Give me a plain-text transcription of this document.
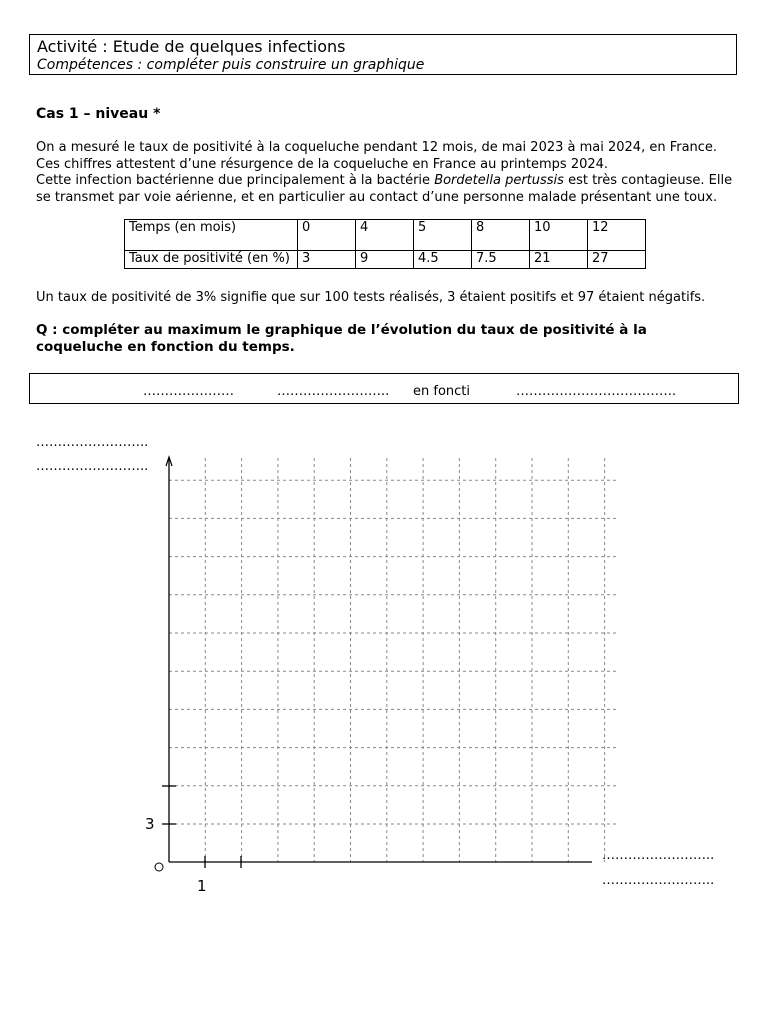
Activité : Etude de quelques infections
Compétences : compléter puis construire un graphique
Cas 1 – niveau *

On a mesuré le taux de positivité à la coqueluche pendant 12 mois, de mai 2023 à mai 2024, en France. Ces chiffres attestent d’une résurgence de la coqueluche en France au printemps 2024.

Cette infection bactérienne due principalement à la bactérie Bordetella pertussis est très contagieuse. Elle se transmet par voie aérienne, et en particulier au contact d’une personne malade présentant une toux.

Temps (en mois)	0	4	5	8	10	12
Taux de positivité (en %)	3	9	4.5	7.5	21	27
Un taux de positivité de 3% signifie que sur 100 tests réalisés, 3 étaient positifs et 97 étaient négatifs.
Q : compléter au maximum le graphique de l’évolution du taux de positivité à la coqueluche en fonction du temps.
…………………	…………………….. en foncti	……………………………….
……………………..
……………………..
……………………..
……………………..
3
1
